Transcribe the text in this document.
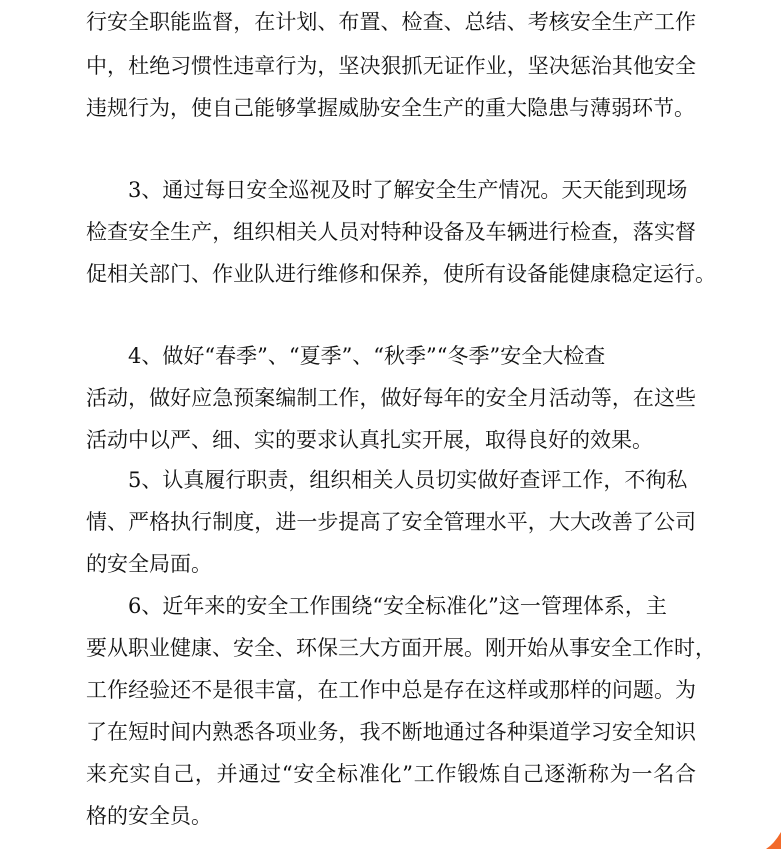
行安全职能监督，在计划、布置、检查、总结、考核安全生产工作
中，杜绝习惯性违章行为，坚决狠抓无证作业，坚决惩治其他安全
违规行为，使自己能够掌握威胁安全生产的重大隐患与薄弱环节。
3、通过每日安全巡视及时了解安全生产情况。天天能到现场
检查安全生产，组织相关人员对特种设备及车辆进行检查，落实督
促相关部门、作业队进行维修和保养，使所有设备能健康稳定运行。
4、做好“春季”、“夏季”、“秋季”“冬季”安全大检查
活动，做好应急预案编制工作，做好每年的安全月活动等，在这些
活动中以严、细、实的要求认真扎实开展，取得良好的效果。
5、认真履行职责，组织相关人员切实做好查评工作，不徇私
情、严格执行制度，进一步提高了安全管理水平，大大改善了公司
的安全局面。
6、近年来的安全工作围绕“安全标准化”这一管理体系，主
要从职业健康、安全、环保三大方面开展。刚开始从事安全工作时，
工作经验还不是很丰富，在工作中总是存在这样或那样的问题。为
了在短时间内熟悉各项业务，我不断地通过各种渠道学习安全知识
来充实自己，并通过“安全标准化”工作锻炼自己逐渐称为一名合
格的安全员。
